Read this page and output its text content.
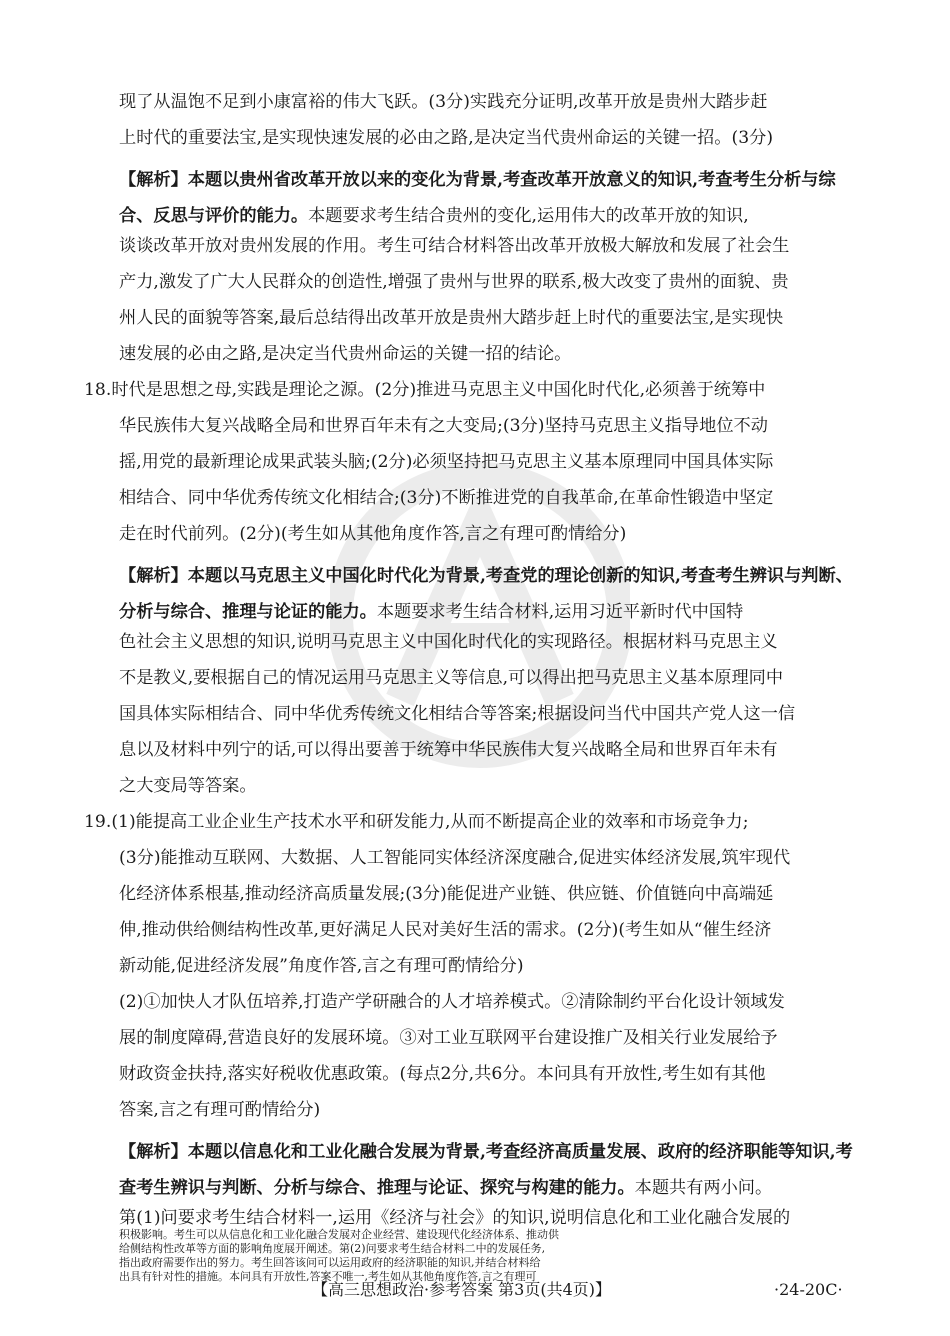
现了从温饱不足到小康富裕的伟大飞跃。(3分)实践充分证明,改革开放是贵州大踏步赶
上时代的重要法宝,是实现快速发展的必由之路,是决定当代贵州命运的关键一招。(3分)
【解析】本题以贵州省改革开放以来的变化为背景,考查改革开放意义的知识,考查考生分析与综合、反思与评价的能力。本题要求考生结合贵州的变化,运用伟大的改革开放的知识,
谈谈改革开放对贵州发展的作用。考生可结合材料答出改革开放极大解放和发展了社会生
产力,激发了广大人民群众的创造性,增强了贵州与世界的联系,极大改变了贵州的面貌、贵
州人民的面貌等答案,最后总结得出改革开放是贵州大踏步赶上时代的重要法宝,是实现快
速发展的必由之路,是决定当代贵州命运的关键一招的结论。
18.时代是思想之母,实践是理论之源。(2分)推进马克思主义中国化时代化,必须善于统筹中
华民族伟大复兴战略全局和世界百年未有之大变局;(3分)坚持马克思主义指导地位不动
摇,用党的最新理论成果武装头脑;(2分)必须坚持把马克思主义基本原理同中国具体实际
相结合、同中华优秀传统文化相结合;(3分)不断推进党的自我革命,在革命性锻造中坚定
走在时代前列。(2分)(考生如从其他角度作答,言之有理可酌情给分)
【解析】本题以马克思主义中国化时代化为背景,考查党的理论创新的知识,考查考生辨识与判断、分析与综合、推理与论证的能力。本题要求考生结合材料,运用习近平新时代中国特
色社会主义思想的知识,说明马克思主义中国化时代化的实现路径。根据材料马克思主义
不是教义,要根据自己的情况运用马克思主义等信息,可以得出把马克思主义基本原理同中
国具体实际相结合、同中华优秀传统文化相结合等答案;根据设问当代中国共产党人这一信
息以及材料中列宁的话,可以得出要善于统筹中华民族伟大复兴战略全局和世界百年未有
之大变局等答案。
19.(1)能提高工业企业生产技术水平和研发能力,从而不断提高企业的效率和市场竞争力;
(3分)能推动互联网、大数据、人工智能同实体经济深度融合,促进实体经济发展,筑牢现代
化经济体系根基,推动经济高质量发展;(3分)能促进产业链、供应链、价值链向中高端延
伸,推动供给侧结构性改革,更好满足人民对美好生活的需求。(2分)(考生如从“催生经济
新动能,促进经济发展”角度作答,言之有理可酌情给分)
(2)①加快人才队伍培养,打造产学研融合的人才培养模式。②清除制约平台化设计领域发
展的制度障碍,营造良好的发展环境。③对工业互联网平台建设推广及相关行业发展给予
财政资金扶持,落实好税收优惠政策。(每点2分,共6分。本问具有开放性,考生如有其他
答案,言之有理可酌情给分)
【解析】本题以信息化和工业化融合发展为背景,考查经济高质量发展、政府的经济职能等知识,考查考生辨识与判断、分析与综合、推理与论证、探究与构建的能力。本题共有两小问。
第(1)问要求考生结合材料一,运用《经济与社会》的知识,说明信息化和工业化融合发展的
积极影响。考生可以从信息化和工业化融合发展对企业经营、建设现代化经济体系、推动供
给侧结构性改革等方面的影响角度展开阐述。第(2)问要求考生结合材料二中的发展任务,
指出政府需要作出的努力。考生回答该问可以运用政府的经济职能的知识,并结合材料给
出具有针对性的措施。本问具有开放性,答案不唯一,考生如从其他角度作答,言之有理可
【高三思想政治·参考答案 第3页(共4页)】	·24-20C·
